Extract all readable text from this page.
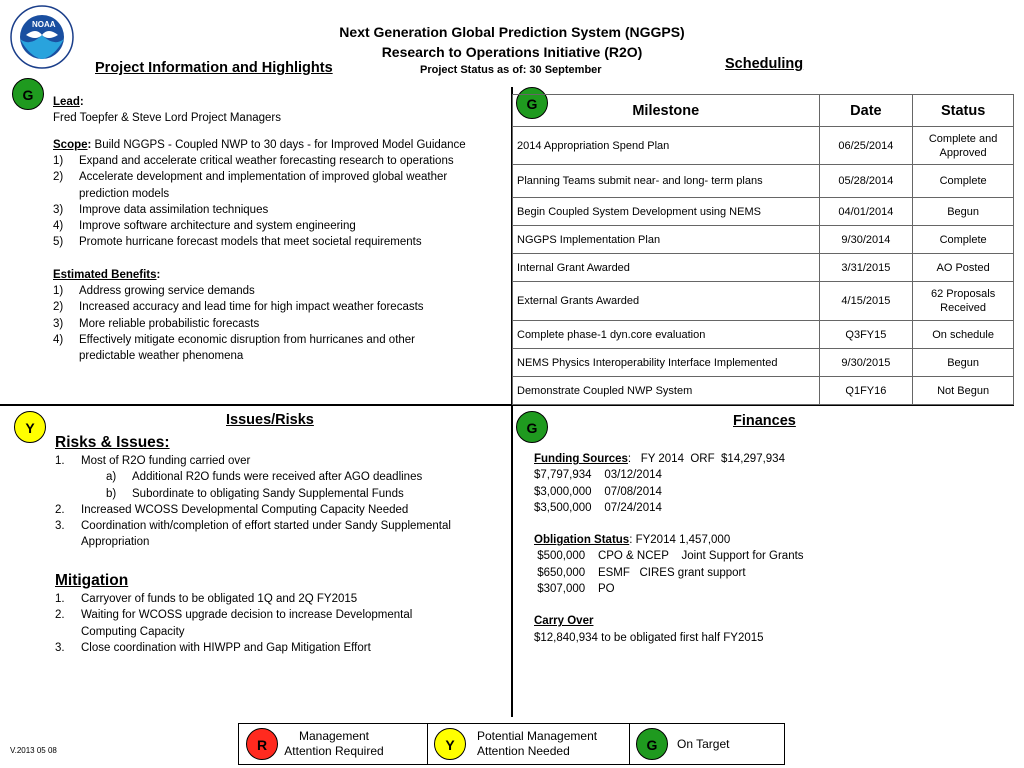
NOAA	Next Generation Global Prediction System (NGGPS)
Research to Operations Initiative (R2O)
Project Status as of: 30 September
Project Information and Highlights	Scheduling
G	Lead:
Fred Toepfer & Steve Lord Project Managers
Scope: Build NGGPS - Coupled NWP to 30 days - for Improved Model Guidance
1) Expand and accelerate critical weather forecasting research to operations
2) Accelerate development and implementation of improved global weather prediction models
3) Improve data assimilation techniques
4) Improve software architecture and system engineering
5) Promote hurricane forecast models that meet societal requirements
Estimated Benefits:
1) Address growing service demands
2) Increased accuracy and lead time for high impact weather forecasts
3) More reliable probabilistic forecasts
4) Effectively mitigate economic disruption from hurricanes and other predictable weather phenomena
G	Milestone	Date	Status
2014 Appropriation Spend Plan	06/25/2014	Complete and Approved
Planning Teams submit near- and long- term plans	05/28/2014	Complete
Begin Coupled System Development using NEMS	04/01/2014	Begun
NGGPS Implementation Plan	9/30/2014	Complete
Internal Grant Awarded	3/31/2015	AO Posted
External Grants Awarded	4/15/2015	62 Proposals Received
Complete phase-1 dyn.core evaluation	Q3FY15	On schedule
NEMS Physics Interoperability Interface Implemented	9/30/2015	Begun
Demonstrate Coupled NWP System	Q1FY16	Not Begun
Y	Issues/Risks
Risks & Issues:
1. Most of R2O funding carried over
a) Additional R2O funds were received after AGO deadlines
b) Subordinate to obligating Sandy Supplemental Funds
2. Increased WCOSS Developmental Computing Capacity Needed
3. Coordination with/completion of effort started under Sandy Supplemental Appropriation
Mitigation
1. Carryover of funds to be obligated 1Q and 2Q FY2015
2. Waiting for WCOSS upgrade decision to increase Developmental Computing Capacity
3. Close coordination with HIWPP and Gap Mitigation Effort
G	Finances
Funding Sources:   FY 2014  ORF  $14,297,934
$7,797,934    03/12/2014
$3,000,000    07/08/2014
$3,500,000    07/24/2014
Obligation Status: FY2014 1,457,000
$500,000    CPO & NCEP    Joint Support for Grants
$650,000    ESMF   CIRES grant support
$307,000    PO
Carry Over
$12,840,934 to be obligated first half FY2015
R
Management Attention Required	Y
Potential Management Attention Needed	G	On Target
V.2013 05 08
